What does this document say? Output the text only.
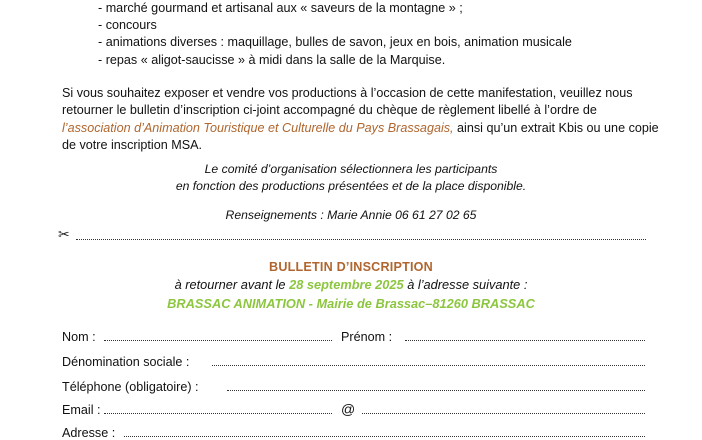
- marché gourmand et artisanal aux « saveurs de la montagne » ;
- concours
- animations diverses : maquillage, bulles de savon, jeux en bois, animation musicale
- repas « aligot-saucisse » à midi dans la salle de la Marquise.
Si vous souhaitez exposer et vendre vos productions à l’occasion de cette manifestation, veuillez nous
retourner le bulletin d’inscription ci-joint accompagné du chèque de règlement libellé à l’ordre de
l’association d’Animation Touristique et Culturelle du Pays Brassagais, ainsi qu’un extrait Kbis ou une copie
de votre inscription MSA.
Le comité d’organisation sélectionnera les participants
en fonction des productions présentées et de la place disponible.
Renseignements : Marie Annie 06 61 27 02 65
✂
BULLETIN D’INSCRIPTION
à retourner avant le 28 septembre 2025 à l’adresse suivante :
BRASSAC ANIMATION - Mairie de Brassac–81260 BRASSAC
Nom :	Prénom :
Dénomination sociale :
Téléphone (obligatoire) :
Email :	@
Adresse :
